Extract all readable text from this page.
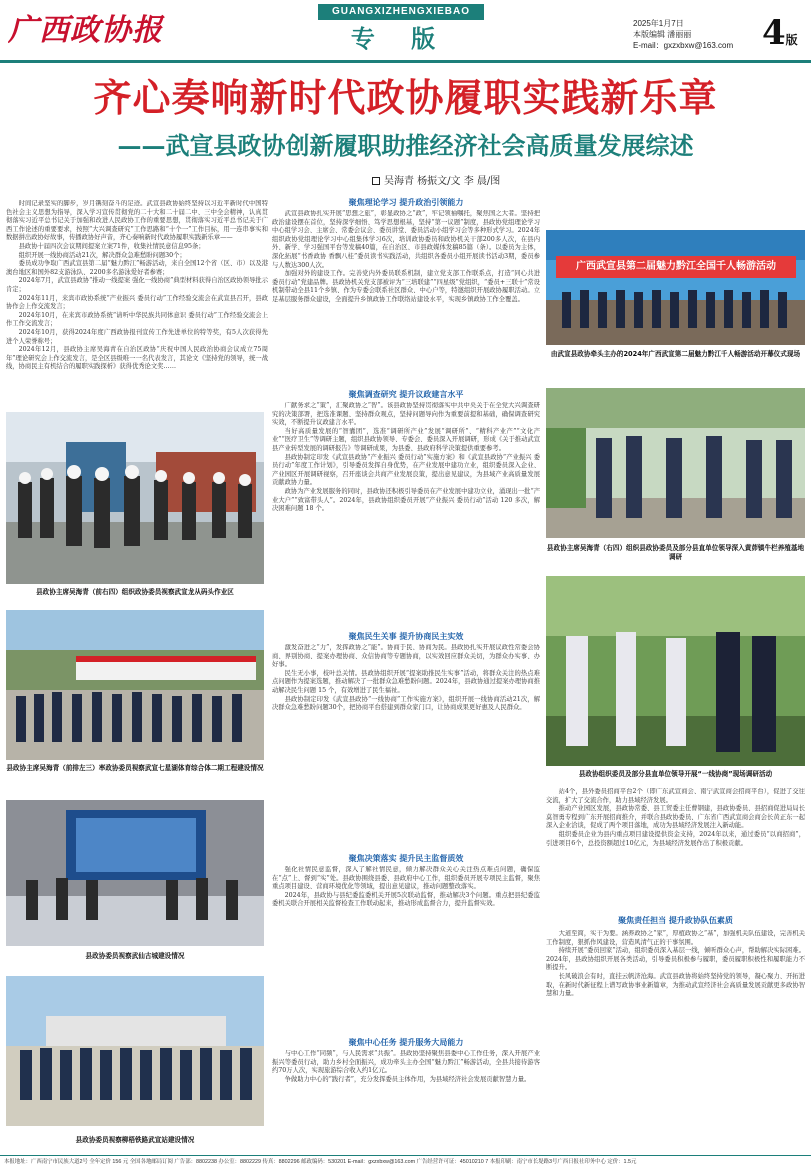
广西政协报
GUANGXIZHENGXIEBAO
专 版
2025年1月7日
本版编辑 潘丽丽
E-mail：gxzxbxw@163.com 4版
齐心奏响新时代政协履职实践新乐章
——武宣县政协创新履职助推经济社会高质量发展综述
吴海青 杨振文/文 李 晨/图

时间记录坚实的脚步，岁月镌刻奋斗的足迹。武宣县政协始终坚持以习近平新时代中国特色社会主义思想为指导，深入学习宣传贯彻党的二十大和二十届二中、三中全会精神，认真贯彻落实习近平总书记关于加强和改进人民政协工作的重要思想，贯彻落实习近平总书记关于广西工作论述的重要要求，按照“大兴调查研究”工作思路和“十个一”工作目标，用一连串事实和数据拼出政协好故事，传播政协好声音，齐心奏响新时代政协履职实践新乐章——

县政协十届四次会议期间提案立案71件，收集社情民意信息95条；

组织开展一线协商活动21次，解决群众急难愁盼问题30个；

委员成功争取广西武宣县第二届“魅力黔江”畅游活动，来自全国12个省（区、市）以及港澳台地区和国外82支游泳队、2200多名游泳爱好者参赛；

2024年7月，武宣县政协“推动一线提案 强化一线协商”典型材料获得自治区政协领导批示肯定；

2024年11月，来宾市政协系统“产业振兴 委员行动”工作经验交流会在武宣县召开，县政协作会上作交流发言；

2024年10月，在来宾市政协系统“请听中华民族共同体意识 委员行动”工作经验交流会上作工作交流发言；

2024年10月，获得2024年度广西政协报刊宣传工作先进单位的特等奖，有5人次获得先进个人荣誉称号；

2024年12月，县政协主席吴海青在自治区政协“庆祝中国人民政治协商会议成立75周年”理论研究会上作交流发言，是全区县级唯一一名代表发言，其论文《坚持党的领导，统一战线，协商民主有机结合的履职实践探析》获得优秀论文奖……

县政协主席吴海青（前右四）组织政协委员视察武宣龙从码头作业区
县政协主席吴海青（前排左三）率政协委员视察武宣七星湖体育综合体二期工程建设情况
县政协委员视察武仙古城建设情况
县政协委员视察柳梧铁路武宣站建设情况
聚焦理论学习 提升政治引领能力

武宣县政协扎实开展“思想之旅”，彰显政协之“政”，牢记领袖嘱托，聚焦国之大者。坚持把政治建设摆在首位，坚持深学细悟、笃学思想根基，坚持“第一议题”制度，县政协党组理论学习中心组学习会、主席会、常委会议会、委员讲堂、委员活动小组学习会等多种形式学习。2024年组织政协党组理论学习中心组集体学习6次，培训政协委员和政协机关干部200多人次，在县内外、新学、学习强国平台等发稿40篇，在自治区、市县政媒体发稿85篇（条）。以委员为主体，深化拓展“书香政协 香飘八桂”委员读书实践活动，共组织各委员小组开展读书活动3期，委员参与人数达300人次。

加强对外的建设工作。完善党内外委员联系机制，建立党支部工作联系点，打造“同心共进 委员行动”党建品牌。县政协机关党支部被评为“三培联建”“四星级”党组织，“委员+三联十”常设机制带动全县11个乡镇、作为专委会联系社区群众、中心户等，特邀组织开展政协履职活动。立足基层服务群众建设，全面提升乡镇政协工作联络站建设水平，实现乡镇政协工作全覆盖。

聚焦调查研究 提升议政建言水平

广献务求之“策”，汇聚政协之“智”。该县政协坚持贯彻落实中共中央关于在全党大兴调查研究的决策部署，把选准课题、坚持群众观点，坚持问题导向作为重要前提和基础，确保调查研究实效，不断提升议政建言水平。

当好高质量发展的“智囊团”，选准“调研所产业”发展“调研所”、“精科产业产”“文化产业”“医疗卫生”等调研主题，组织县政协领导、专委会、委员深入开展调研，形成《关于推动武宣县产业转型发展的调研报告》等调研成果，为县委、县政府科学决策提供重要参考。

县政协制定印发《武宣县政协“产业振兴 委员行动”实施方案》和《武宣县政协“产业振兴 委员行动”年度工作计划》，引导委员发挥自身优势，在产业发展中建功立业，组织委员深入企业、产业园区开展调研视察，召开座谈会共商产业发展良策，提出意见建议，为县域产业高质量发展贡献政协力量。

政协为产业发展服务的同时，县政协还积极引导委员在产业发展中建功立业，涌现出一批“产业大户”“致富带头人”。2024年，县政协组织委员开展“产业振兴 委员行动”活动 120 多次，解决困难问题 18 个。

聚焦民生关事 提升协商民主实效

激发奋进之“力”，发挥政协之“能”。协商于民、协商为民。县政协扎实开展议政性常委会协商、界别协商、提案办理协商、众信协商等专题协商，以实效回应群众关切，为群众办实事、办好事。

民生无小事，枝叶总关情。县政协组织开展“提案助推民生实事”活动，将群众关注的热点难点问题作为提案选题，推动解决了一批群众急难愁盼问题。2024年，县政协通过提案办理协商推动解决民生问题 15 个，有效增进了民生福祉。

县政协制定印发《武宣县政协“一线协商”工作实施方案》，组织开展一线协商活动21次，解决群众急难愁盼问题30个，把协商平台搭建到群众家门口，让协商成果更好惠及人民群众。

聚焦决策落实 提升民主监督质效

强化社情民意监督，深入了解社情民意，倾力解决群众关心关注热点难点问题，确保监在“点”上、督到“实”处。县政协围绕县委、县政府中心工作，组织委员开展专项民主监督，聚焦重点项目建设、营商环境优化等领域，提出意见建议，推动问题整改落实。

2024年，县政协与县纪委监委机关开展5次联动监督，推动解决3个问题。重点把县纪委监委机关联合开展相关监督检查工作联动起来，推动形成监督合力，提升监督实效。

聚焦中心任务 提升服务大局能力

与中心工作“同频”，与人民需求“共振”。县政协坚持聚焦县委中心工作任务，深入开展产业振兴等委员行动，助力乡村全面振兴，成功牵头主办全国“魅力黔江”畅游活动，全县共接待游客约70万人次，实现旅游综合收入约1亿元。

争做助力中心的“践行者”，充分发挥委员主体作用，为县域经济社会发展贡献智慧力量。

广西武宣县第二届魅力黔江全国千人畅游活动
由武宣县政协牵头主办的2024年广西武宣第二届魅力黔江千人畅游活动开幕仪式现场
县政协主席吴海青（右四）组织县政协委员及部分县直单位领导深入黄茆镇牛栏养殖基地调研
县政协组织委员及部分县直单位领导开展“一线协商”现场调研活动

站4个，县外委员招商平台2个（即广东武宣商会、南宁武宣商会招商平台），促进了交往交流，扩大了交流合作，助力县域经济发展。

推动产业园区发展，县政协常委、县工贸委主任曹钢建，县政协委员、县招商促进局局长莫智勇专程到广东开展招商推介，并联合县政协委员、广东省广西武宣商会商会长黄正东一起深入企业洽谈，促成了两个项目落地，成功为县域经济发展注入新动能。

组织委员企业为县内重点项目建设提供资金支持，2024年以来，通过委员“以商招商”，引进项目6个，总投资额超过10亿元，为县域经济发展作出了积极贡献。

聚焦责任担当 提升政协队伍素质

大道至简，实干为要。涵养政协之“家”，厚植政协之“基”，加强机关队伍建设，完善机关工作制度，狠抓作风建设，营造风清气正的干事氛围。

持续开展“委员回家”活动，组织委员深入基层一线，倾听群众心声，帮助解决实际困难。2024年，县政协组织开展各类活动，引导委员积极参与履职，委员履职积极性和履职能力不断提升。

长风破浪会有时，直挂云帆济沧海。武宣县政协将始终坚持党的领导，凝心聚力、开拓进取，在新时代新征程上谱写政协事业新篇章，为推动武宣经济社会高质量发展贡献更多政协智慧和力量。

本报地址：广西南宁市民族大道2号 全年定价 156 元 全国各地邮局订阅 广告部：8802238 办公室：8802229 传真：8802296 邮政编码：530201 E-mail：gxzxbxw@163.com 广告经营许可证：45010210 7 本报印刷：南宁市长堤路3号广西日报社印务中心 定价：1.5元
